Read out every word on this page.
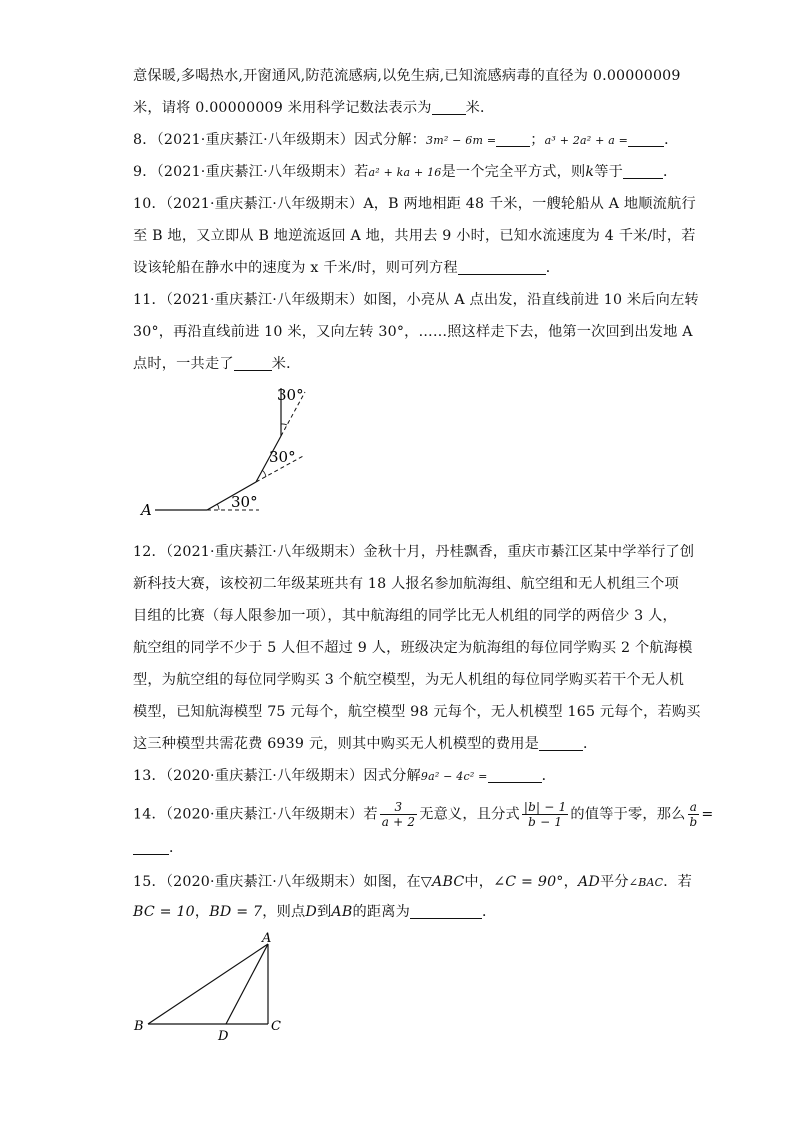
意保暖,多喝热水,开窗通风,防范流感病,以免生病,已知流感病毒的直径为 0.00000009
米，请将 0.00000009 米用科学记数法表示为 米．
8．（2021·重庆綦江·八年级期末）因式分解：3m² − 6m = ；a³ + 2a² + a =	．
9．（2021·重庆綦江·八年级期末）若a² + ka + 16是一个完全平方式，则k等于	．
10．（2021·重庆綦江·八年级期末）A，B 两地相距 48 千米，一艘轮船从 A 地顺流航行
至 B 地，又立即从 B 地逆流返回 A 地，共用去 9 小时，已知水流速度为 4 千米/时，若
设该轮船在静水中的速度为 x 千米/时，则可列方程	．
11．（2021·重庆綦江·八年级期末）如图，小亮从 A 点出发，沿直线前进 10 米后向左转
30°，再沿直线前进 10 米，又向左转 30°，……照这样走下去，他第一次回到出发地 A
点时，一共走了	米．
A	30°
30°
30°
12．（2021·重庆綦江·八年级期末）金秋十月，丹桂飘香，重庆市綦江区某中学举行了创
新科技大赛，该校初二年级某班共有 18 人报名参加航海组、航空组和无人机组三个项
目组的比赛（每人限参加一项），其中航海组的同学比无人机组的同学的两倍少 3 人，
航空组的同学不少于 5 人但不超过 9 人，班级决定为航海组的每位同学购买 2 个航海模
型，为航空组的每位同学购买 3 个航空模型，为无人机组的每位同学购买若干个无人机
模型，已知航海模型 75 元每个，航空模型 98 元每个，无人机模型 165 元每个，若购买
这三种模型共需花费 6939 元，则其中购买无人机模型的费用是	．
13．（2020·重庆綦江·八年级期末）因式分解9a² − 4c² =	．
14．（2020·重庆綦江·八年级期末）若 $\frac{3}{a + 2}$ 无意义，且分式 $\frac{|b| - 1}{b - 1}$ 的值等于零，那么 $\frac{a}{b}$ =
．
15．（2020·重庆綦江·八年级期末）如图，在▽ABC中，∠C = 90°，AD平分∠BAC．若
BC = 10，BD = 7，则点D到AB的距离为	．
A
B	C
D
